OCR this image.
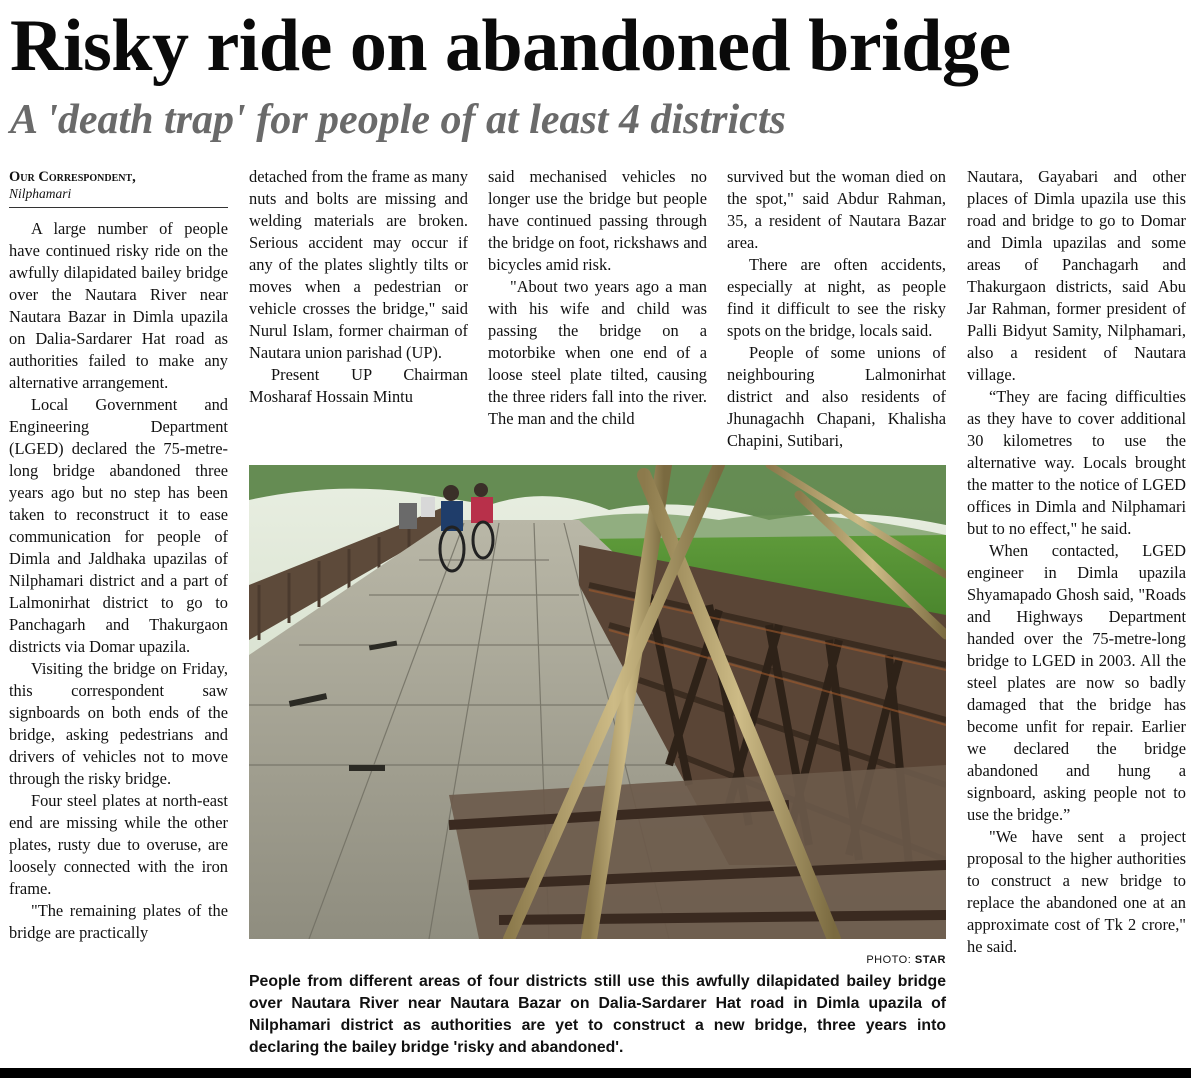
Risky ride on abandoned bridge
A 'death trap' for people of at least 4 districts
Our Correspondent,
Nilphamari

A large number of people have continued risky ride on the awfully dilapidated bailey bridge over the Nautara River near Nautara Bazar in Dimla upazila on Dalia-Sardarer Hat road as authorities failed to make any alternative arrangement.

Local Government and Engineering Department (LGED) declared the 75-metre-long bridge abandoned three years ago but no step has been taken to reconstruct it to ease communication for people of Dimla and Jaldhaka upazilas of Nilphamari district and a part of Lalmonirhat district to go to Panchagarh and Thakurgaon districts via Domar upazila.

Visiting the bridge on Friday, this correspondent saw signboards on both ends of the bridge, asking pedestrians and drivers of vehicles not to move through the risky bridge.

Four steel plates at north-east end are missing while the other plates, rusty due to overuse, are loosely connected with the iron frame.

"The remaining plates of the bridge are practically

detached from the frame as many nuts and bolts are missing and welding materials are broken. Serious accident may occur if any of the plates slightly tilts or moves when a pedestrian or vehicle crosses the bridge," said Nurul Islam, former chairman of Nautara union parishad (UP).

Present UP Chairman Mosharaf Hossain Mintu

said mechanised vehicles no longer use the bridge but people have continued passing through the bridge on foot, rickshaws and bicycles amid risk.

"About two years ago a man with his wife and child was passing the bridge on a motorbike when one end of a loose steel plate tilted, causing the three riders fall into the river. The man and the child

survived but the woman died on the spot," said Abdur Rahman, 35, a resident of Nautara Bazar area.

There are often accidents, especially at night, as people find it difficult to see the risky spots on the bridge, locals said.

People of some unions of neighbouring Lalmonirhat district and also residents of Jhunagachh Chapani, Khalisha Chapini, Sutibari,

Nautara, Gayabari and other places of Dimla upazila use this road and bridge to go to Domar and Dimla upazilas and some areas of Panchagarh and Thakurgaon districts, said Abu Jar Rahman, former president of Palli Bidyut Samity, Nilphamari, also a resident of Nautara village.

“They are facing difficulties as they have to cover additional 30 kilometres to use the alternative way. Locals brought the matter to the notice of LGED offices in Dimla and Nilphamari but to no effect," he said.

When contacted, LGED engineer in Dimla upazila Shyamapado Ghosh said, "Roads and Highways Department handed over the 75-metre-long bridge to LGED in 2003. All the steel plates are now so badly damaged that the bridge has become unfit for repair. Earlier we declared the bridge abandoned and hung a signboard, asking people not to use the bridge.”

"We have sent a project proposal to the higher authorities to construct a new bridge to replace the abandoned one at an approximate cost of Tk 2 crore," he said.

PHOTO: STAR
People from different areas of four districts still use this awfully dilapidated bailey bridge over Nautara River near Nautara Bazar on Dalia-Sardarer Hat road in Dimla upazila of Nilphamari district as authorities are yet to construct a new bridge, three years into declaring the bailey bridge 'risky and abandoned'.
